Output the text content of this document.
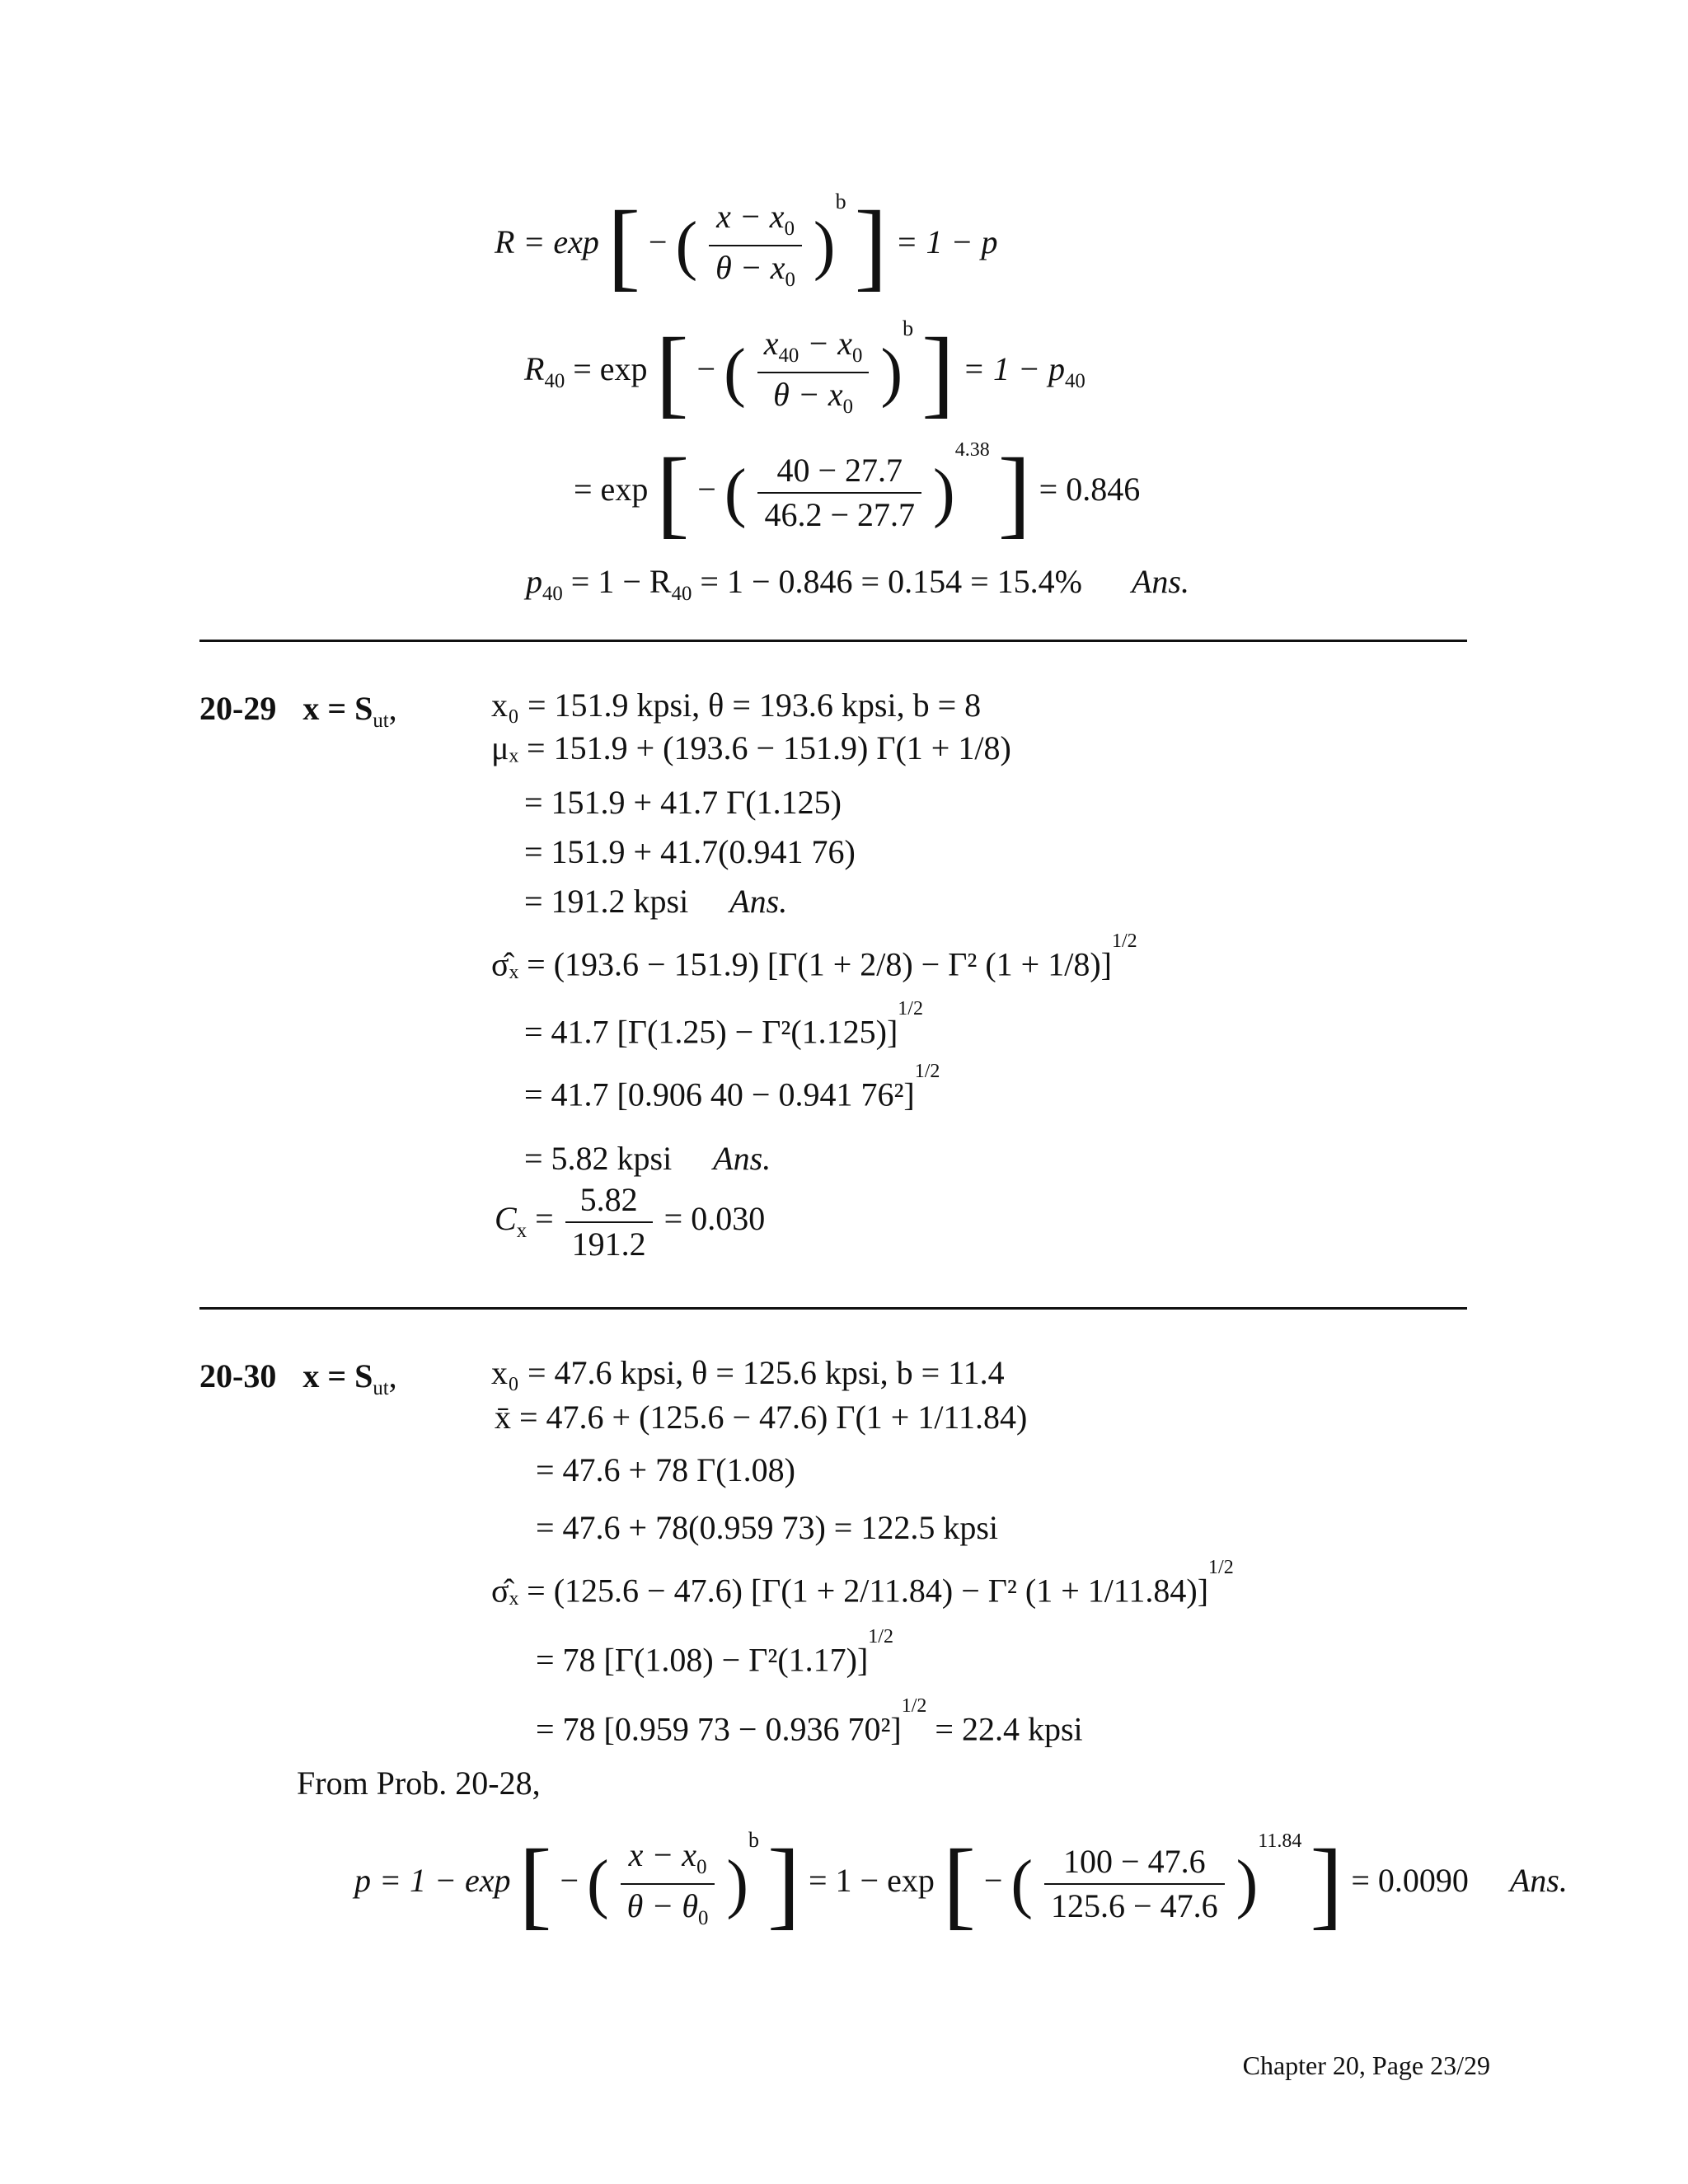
R = exp [ − ( $\frac{x - x_0}{\theta - x_0} )^b$ ] = 1 − p
$R_{40} = \exp$ [ − ( $\frac{x_{40} - x_0}{\theta - x_0} )^b$ ] = $1 - p_{40}$
= exp [ − ( $\frac{40 - 27.7}{46.2 - 27.7} )^{4.38}$ ] = 0.846
$p_{40} = 1 - R_{40} = 1 - 0.846 = 0.154 = 15.4\%$ Ans.
20-29 $x = S_{ut}$,	x₀ = 151.9 kpsi, θ = 193.6 kpsi, b = 8
μₓ = 151.9 + (193.6 − 151.9) Γ(1 + 1/8)
= 151.9 + 41.7 Γ(1.125)
= 151.9 + 41.7(0.941 76)
= 191.2 kpsi Ans.
σ̂ₓ = (193.6 − 151.9) [Γ(1 + 2/8) − Γ² (1 + 1/8)]$^{1/2}$
= 41.7 $[\Gamma(1.25) - \Gamma^2(1.125)]^{1/2}$
= 41.7 [0.906 40 − 0.941 76²]$^{1/2}$
= 5.82 kpsi Ans.
$C_x = \frac{5.82}{191.2} = 0.030$
20-30 $x = S_{ut}$,	x₀ = 47.6 kpsi, θ = 125.6 kpsi, b = 11.4
x̄ = 47.6 + (125.6 − 47.6) Γ(1 + 1/11.84)
= 47.6 + 78 Γ(1.08)
= 47.6 + 78(0.959 73) = 122.5 kpsi
σ̂ₓ = (125.6 − 47.6) [Γ(1 + 2/11.84) − Γ² (1 + 1/11.84)]$^{1/2}$
= 78 $[\Gamma(1.08) - \Gamma^2(1.17)]^{1/2}$
= 78 [0.959 73 − 0.936 70²]$^{1/2}$ = 22.4 kpsi
From Prob. 20-28,
p = 1 − exp [ − ( $\frac{x - x_0}{\theta - \theta_0} )^b$ ] = 1 − exp [ − ( $\frac{100 - 47.6}{125.6 - 47.6} )^{11.84}$ ] = 0.0090 Ans.
Chapter 20, Page 23/29
